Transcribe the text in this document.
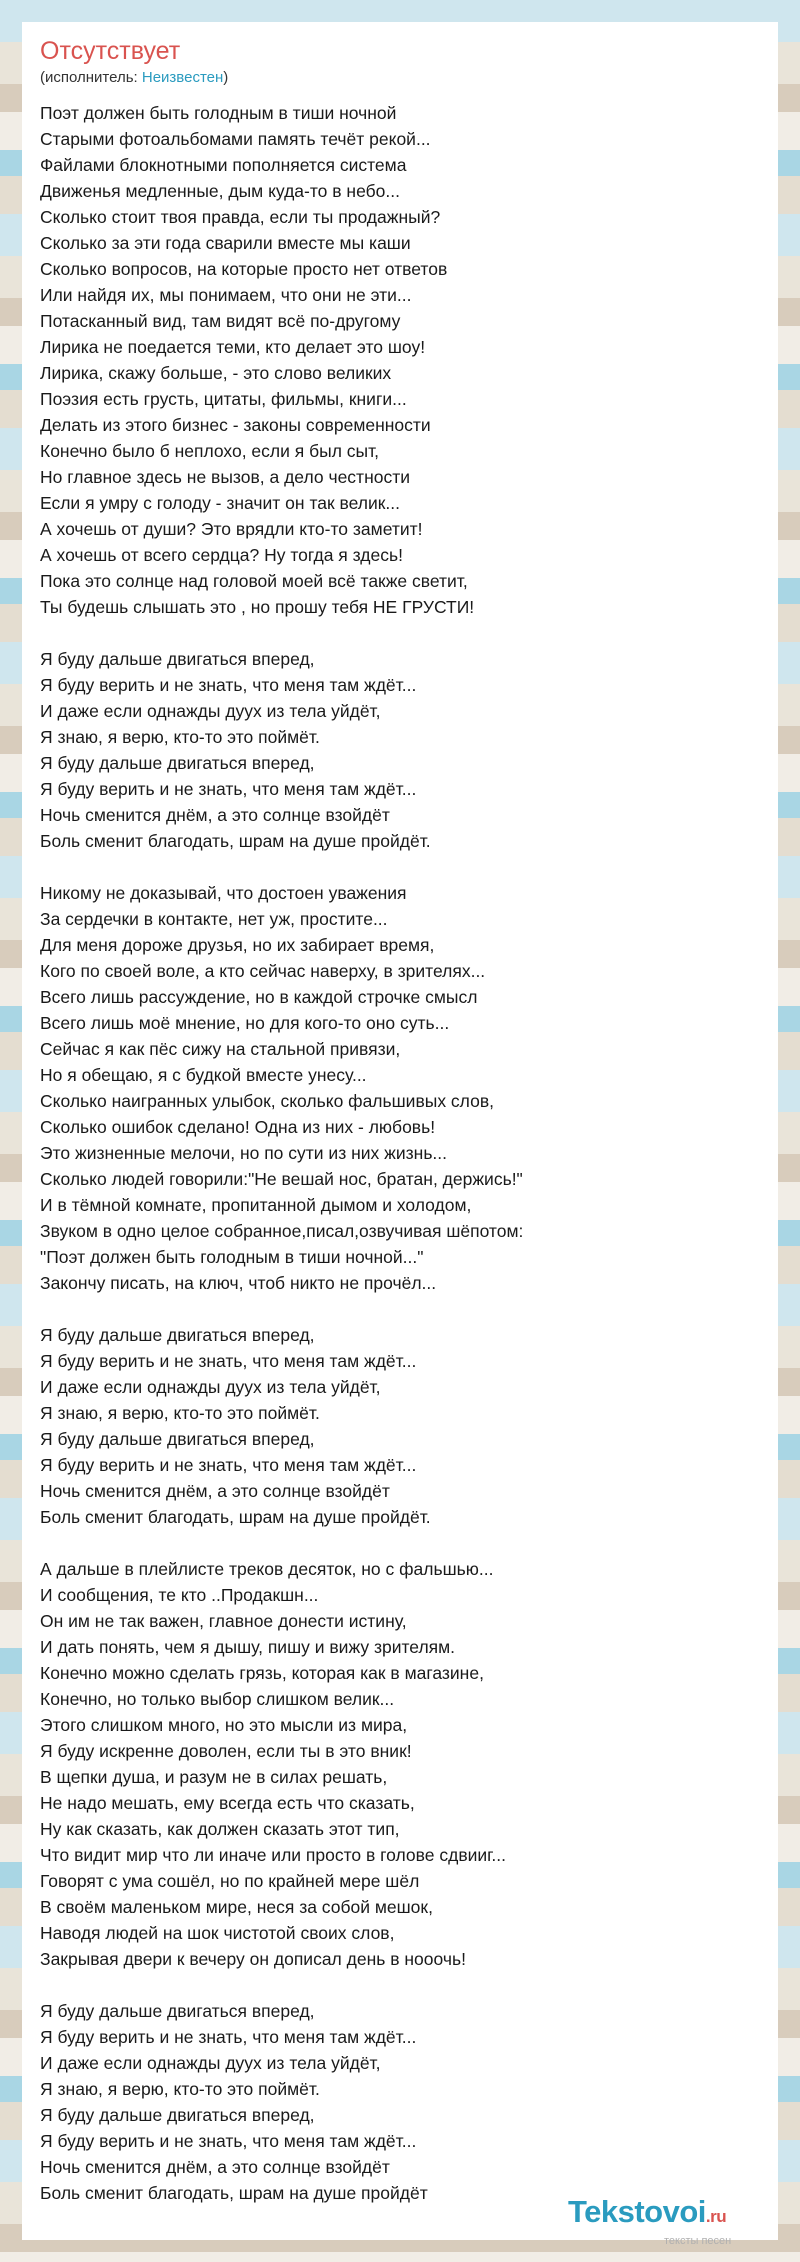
Отсутствует
(исполнитель: Неизвестен)
Поэт должен быть голодным в тиши ночной
Старыми фотоальбомами память течёт рекой...
Файлами блокнотными пополняется система
Движенья медленные, дым куда-то в небо...
Сколько стоит твоя правда, если ты продажный?
Сколько за эти года сварили вместе мы каши
Сколько вопросов, на которые просто нет ответов
Или найдя их, мы понимаем, что они не эти...
Потасканный вид, там видят всё по-другому
Лирика не поедается теми, кто делает это шоу!
Лирика, скажу больше, - это слово великих
Поэзия есть грусть, цитаты, фильмы, книги...
Делать из этого бизнес - законы современности
Конечно было б неплохо, если я был сыт,
Но главное здесь не вызов, а дело честности
Если я умру с голоду - значит он так велик...
А хочешь от души? Это врядли кто-то заметит!
А хочешь от всего сердца? Ну тогда я здесь!
Пока это солнце над головой моей всё также светит,
Ты будешь слышать это , но прошу тебя НЕ ГРУСТИ!
Я буду дальше двигаться вперед,
Я буду верить и не знать, что меня там ждёт...
И даже если однажды дуух из тела уйдёт,
Я знаю, я верю, кто-то это поймёт.
Я буду дальше двигаться вперед,
Я буду верить и не знать, что меня там ждёт...
Ночь сменится днём, а это солнце взойдёт
Боль сменит благодать, шрам на душе пройдёт.
Никому не доказывай, что достоен уважения
За сердечки в контакте, нет уж, простите...
Для меня дороже друзья, но их забирает время,
Кого по своей воле, а кто сейчас наверху, в зрителях...
Всего лишь рассуждение, но в каждой строчке смысл
Всего лишь моё мнение, но для кого-то оно суть...
Сейчас я как пёс сижу на стальной привязи,
Но я обещаю, я с будкой вместе унесу...
Сколько наигранных улыбок, сколько фальшивых слов,
Сколько ошибок сделано! Одна из них - любовь!
Это жизненные мелочи, но по сути из них жизнь...
Сколько людей говорили:"Не вешай нос, братан, держись!"
И в тёмной комнате, пропитанной дымом и холодом,
Звуком в одно целое собранное,писал,озвучивая шёпотом:
"Поэт должен быть голодным в тиши ночной..."
Закончу писать, на ключ, чтоб никто не прочёл...
Я буду дальше двигаться вперед,
Я буду верить и не знать, что меня там ждёт...
И даже если однажды дуух из тела уйдёт,
Я знаю, я верю, кто-то это поймёт.
Я буду дальше двигаться вперед,
Я буду верить и не знать, что меня там ждёт...
Ночь сменится днём, а это солнце взойдёт
Боль сменит благодать, шрам на душе пройдёт.
А дальше в плейлисте треков десяток, но с фальшью...
И сообщения, те кто ..Продакшн...
Он им не так важен, главное донести истину,
И дать понять, чем я дышу, пишу и вижу зрителям.
Конечно можно сделать грязь, которая как в магазине,
Конечно, но только выбор слишком велик...
Этого слишком много, но это мысли из мира,
Я буду искренне доволен, если ты в это вник!
В щепки душа, и разум не в силах решать,
Не надо мешать, ему всегда есть что сказать,
Ну как сказать, как должен сказать этот тип,
Что видит мир что ли иначе или просто в голове сдвииг...
Говорят с ума сошёл, но по крайней мере шёл
В своём маленьком мире, неся за собой мешок,
Наводя людей на шок чистотой своих слов,
Закрывая двери к вечеру он дописал день в нооочь!
Я буду дальше двигаться вперед,
Я буду верить и не знать, что меня там ждёт...
И даже если однажды дуух из тела уйдёт,
Я знаю, я верю, кто-то это поймёт.
Я буду дальше двигаться вперед,
Я буду верить и не знать, что меня там ждёт...
Ночь сменится днём, а это солнце взойдёт
Боль сменит благодать, шрам на душе пройдёт
Tekstovoi.ru
тексты песен
